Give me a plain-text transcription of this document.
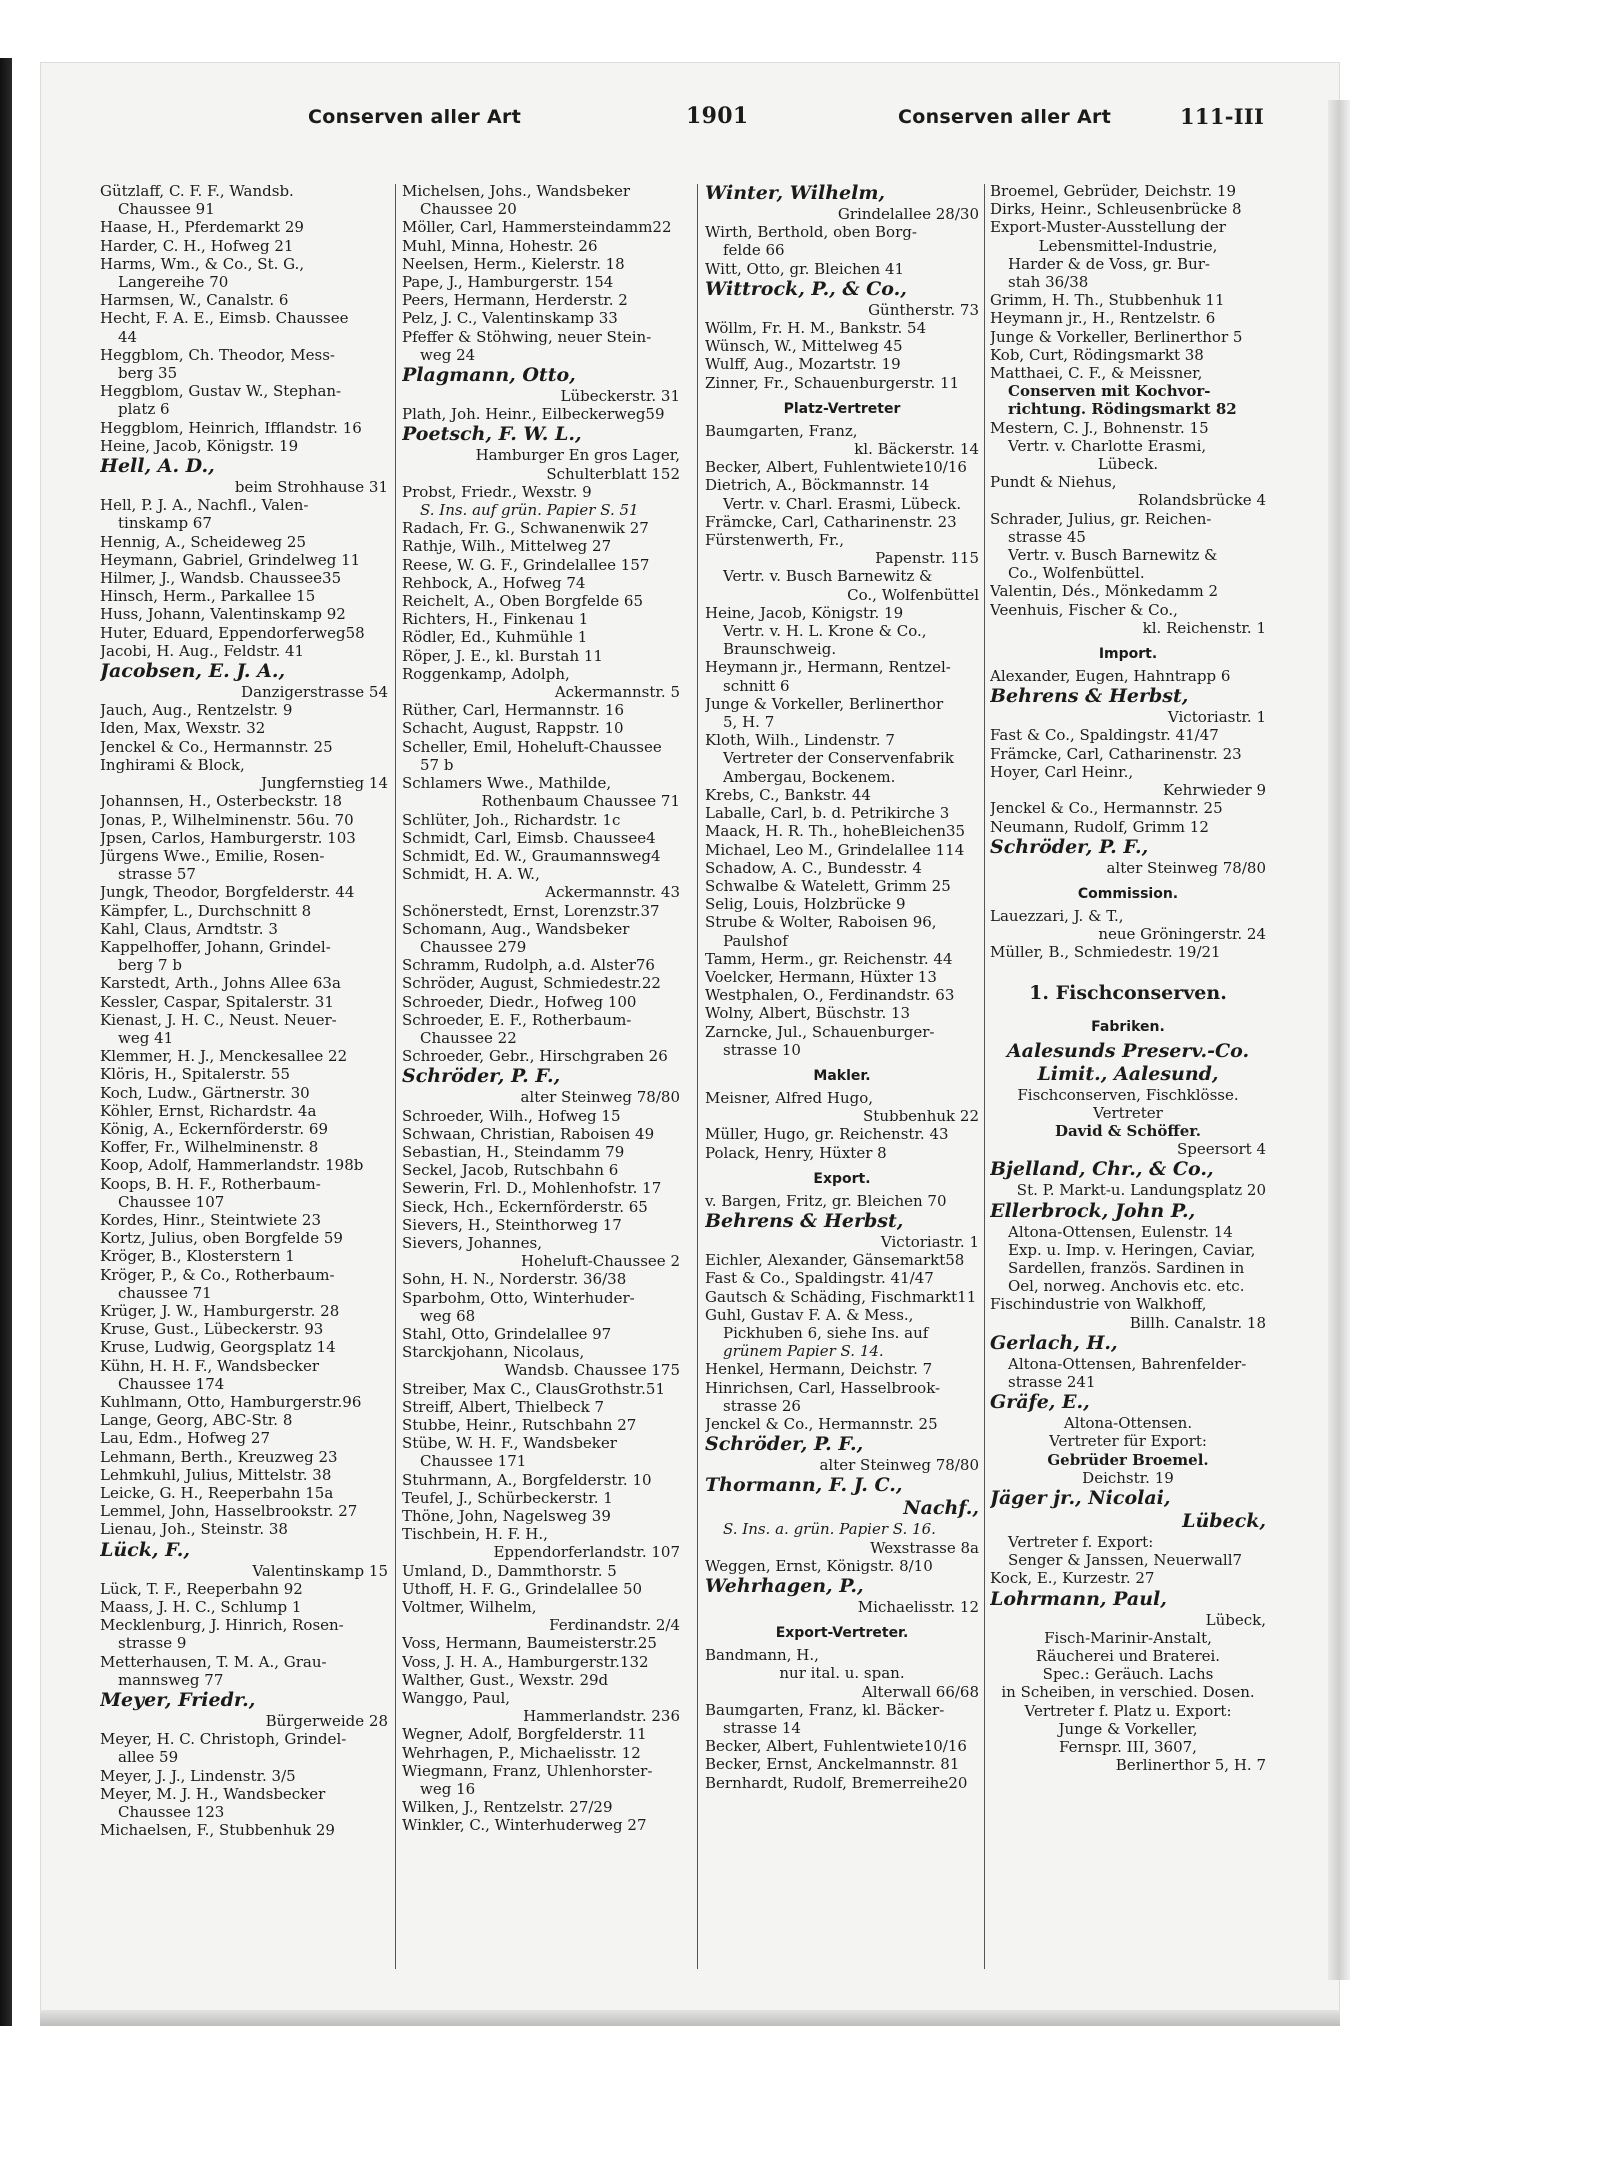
Conserven aller Art	1901	Conserven aller Art	111-III
Gützlaff, C. F. F., Wandsb.
Chaussee 91
Haase, H., Pferdemarkt 29
Harder, C. H., Hofweg 21
Harms, Wm., & Co., St. G.,
Langereihe 70
Harmsen, W., Canalstr. 6
Hecht, F. A. E., Eimsb. Chaussee
44
Heggblom, Ch. Theodor, Mess-
berg 35
Heggblom, Gustav W., Stephan-
platz 6
Heggblom, Heinrich, Ifflandstr. 16
Heine, Jacob, Königstr. 19
Hell, A. D.,
beim Strohhause 31
Hell, P. J. A., Nachfl., Valen-
tinskamp 67
Hennig, A., Scheideweg 25
Heymann, Gabriel, Grindelweg 11
Hilmer, J., Wandsb. Chaussee35
Hinsch, Herm., Parkallee 15
Huss, Johann, Valentinskamp 92
Huter, Eduard, Eppendorferweg58
Jacobi, H. Aug., Feldstr. 41
Jacobsen, E. J. A.,
Danzigerstrasse 54
Jauch, Aug., Rentzelstr. 9
Iden, Max, Wexstr. 32
Jenckel & Co., Hermannstr. 25
Inghirami & Block,
Jungfernstieg 14
Johannsen, H., Osterbeckstr. 18
Jonas, P., Wilhelminenstr. 56u. 70
Jpsen, Carlos, Hamburgerstr. 103
Jürgens Wwe., Emilie, Rosen-
strasse 57
Jungk, Theodor, Borgfelderstr. 44
Kämpfer, L., Durchschnitt 8
Kahl, Claus, Arndtstr. 3
Kappelhoffer, Johann, Grindel-
berg 7 b
Karstedt, Arth., Johns Allee 63a
Kessler, Caspar, Spitalerstr. 31
Kienast, J. H. C., Neust. Neuer-
weg 41
Klemmer, H. J., Menckesallee 22
Klöris, H., Spitalerstr. 55
Koch, Ludw., Gärtnerstr. 30
Köhler, Ernst, Richardstr. 4a
König, A., Eckernförderstr. 69
Koffer, Fr., Wilhelminenstr. 8
Koop, Adolf, Hammerlandstr. 198b
Koops, B. H. F., Rotherbaum-
Chaussee 107
Kordes, Hinr., Steintwiete 23
Kortz, Julius, oben Borgfelde 59
Kröger, B., Klosterstern 1
Kröger, P., & Co., Rotherbaum-
chaussee 71
Krüger, J. W., Hamburgerstr. 28
Kruse, Gust., Lübeckerstr. 93
Kruse, Ludwig, Georgsplatz 14
Kühn, H. H. F., Wandsbecker
Chaussee 174
Kuhlmann, Otto, Hamburgerstr.96
Lange, Georg, ABC-Str. 8
Lau, Edm., Hofweg 27
Lehmann, Berth., Kreuzweg 23
Lehmkuhl, Julius, Mittelstr. 38
Leicke, G. H., Reeperbahn 15a
Lemmel, John, Hasselbrookstr. 27
Lienau, Joh., Steinstr. 38
Lück, F.,
Valentinskamp 15
Lück, T. F., Reeperbahn 92
Maass, J. H. C., Schlump 1
Mecklenburg, J. Hinrich, Rosen-
strasse 9
Metterhausen, T. M. A., Grau-
mannsweg 77
Meyer, Friedr.,
Bürgerweide 28
Meyer, H. C. Christoph, Grindel-
allee 59
Meyer, J. J., Lindenstr. 3/5
Meyer, M. J. H., Wandsbecker
Chaussee 123
Michaelsen, F., Stubbenhuk 29
Michelsen, Johs., Wandsbeker
Chaussee 20
Möller, Carl, Hammersteindamm22
Muhl, Minna, Hohestr. 26
Neelsen, Herm., Kielerstr. 18
Pape, J., Hamburgerstr. 154
Peers, Hermann, Herderstr. 2
Pelz, J. C., Valentinskamp 33
Pfeffer & Stöhwing, neuer Stein-
weg 24
Plagmann, Otto,
Lübeckerstr. 31
Plath, Joh. Heinr., Eilbeckerweg59
Poetsch, F. W. L.,
Hamburger En gros Lager,
Schulterblatt 152
Probst, Friedr., Wexstr. 9
S. Ins. auf grün. Papier S. 51
Radach, Fr. G., Schwanenwik 27
Rathje, Wilh., Mittelweg 27
Reese, W. G. F., Grindelallee 157
Rehbock, A., Hofweg 74
Reichelt, A., Oben Borgfelde 65
Richters, H., Finkenau 1
Rödler, Ed., Kuhmühle 1
Röper, J. E., kl. Burstah 11
Roggenkamp, Adolph,
Ackermannstr. 5
Rüther, Carl, Hermannstr. 16
Schacht, August, Rappstr. 10
Scheller, Emil, Hoheluft-Chaussee
57 b
Schlamers Wwe., Mathilde,
Rothenbaum Chaussee 71
Schlüter, Joh., Richardstr. 1c
Schmidt, Carl, Eimsb. Chaussee4
Schmidt, Ed. W., Graumannsweg4
Schmidt, H. A. W.,
Ackermannstr. 43
Schönerstedt, Ernst, Lorenzstr.37
Schomann, Aug., Wandsbeker
Chaussee 279
Schramm, Rudolph, a.d. Alster76
Schröder, August, Schmiedestr.22
Schroeder, Diedr., Hofweg 100
Schroeder, E. F., Rotherbaum-
Chaussee 22
Schroeder, Gebr., Hirschgraben 26
Schröder, P. F.,
alter Steinweg 78/80
Schroeder, Wilh., Hofweg 15
Schwaan, Christian, Raboisen 49
Sebastian, H., Steindamm 79
Seckel, Jacob, Rutschbahn 6
Sewerin, Frl. D., Mohlenhofstr. 17
Sieck, Hch., Eckernförderstr. 65
Sievers, H., Steinthorweg 17
Sievers, Johannes,
Hoheluft-Chaussee 2
Sohn, H. N., Norderstr. 36/38
Sparbohm, Otto, Winterhuder-
weg 68
Stahl, Otto, Grindelallee 97
Starckjohann, Nicolaus,
Wandsb. Chaussee 175
Streiber, Max C., ClausGrothstr.51
Streiff, Albert, Thielbeck 7
Stubbe, Heinr., Rutschbahn 27
Stübe, W. H. F., Wandsbeker
Chaussee 171
Stuhrmann, A., Borgfelderstr. 10
Teufel, J., Schürbeckerstr. 1
Thöne, John, Nagelsweg 39
Tischbein, H. F. H.,
Eppendorferlandstr. 107
Umland, D., Dammthorstr. 5
Uthoff, H. F. G., Grindelallee 50
Voltmer, Wilhelm,
Ferdinandstr. 2/4
Voss, Hermann, Baumeisterstr.25
Voss, J. H. A., Hamburgerstr.132
Walther, Gust., Wexstr. 29d
Wanggo, Paul,
Hammerlandstr. 236
Wegner, Adolf, Borgfelderstr. 11
Wehrhagen, P., Michaelisstr. 12
Wiegmann, Franz, Uhlenhorster-
weg 16
Wilken, J., Rentzelstr. 27/29
Winkler, C., Winterhuderweg 27
Winter, Wilhelm,
Grindelallee 28/30
Wirth, Berthold, oben Borg-
felde 66
Witt, Otto, gr. Bleichen 41
Wittrock, P., & Co.,
Güntherstr. 73
Wöllm, Fr. H. M., Bankstr. 54
Wünsch, W., Mittelweg 45
Wulff, Aug., Mozartstr. 19
Zinner, Fr., Schauenburgerstr. 11
Platz-Vertreter
Baumgarten, Franz,
kl. Bäckerstr. 14
Becker, Albert, Fuhlentwiete10/16
Dietrich, A., Böckmannstr. 14
Vertr. v. Charl. Erasmi, Lübeck.
Främcke, Carl, Catharinenstr. 23
Fürstenwerth, Fr.,
Papenstr. 115
Vertr. v. Busch Barnewitz &
Co., Wolfenbüttel
Heine, Jacob, Königstr. 19
Vertr. v. H. L. Krone & Co.,
Braunschweig.
Heymann jr., Hermann, Rentzel-
schnitt 6
Junge & Vorkeller, Berlinerthor
5, H. 7
Kloth, Wilh., Lindenstr. 7
Vertreter der Conservenfabrik
Ambergau, Bockenem.
Krebs, C., Bankstr. 44
Laballe, Carl, b. d. Petrikirche 3
Maack, H. R. Th., hoheBleichen35
Michael, Leo M., Grindelallee 114
Schadow, A. C., Bundesstr. 4
Schwalbe & Watelett, Grimm 25
Selig, Louis, Holzbrücke 9
Strube & Wolter, Raboisen 96,
Paulshof
Tamm, Herm., gr. Reichenstr. 44
Voelcker, Hermann, Hüxter 13
Westphalen, O., Ferdinandstr. 63
Wolny, Albert, Büschstr. 13
Zarncke, Jul., Schauenburger-
strasse 10
Makler.
Meisner, Alfred Hugo,
Stubbenhuk 22
Müller, Hugo, gr. Reichenstr. 43
Polack, Henry, Hüxter 8
Export.
v. Bargen, Fritz, gr. Bleichen 70
Behrens & Herbst,
Victoriastr. 1
Eichler, Alexander, Gänsemarkt58
Fast & Co., Spaldingstr. 41/47
Gautsch & Schäding, Fischmarkt11
Guhl, Gustav F. A. & Mess.,
Pickhuben 6, siehe Ins. auf
grünem Papier S. 14.
Henkel, Hermann, Deichstr. 7
Hinrichsen, Carl, Hasselbrook-
strasse 26
Jenckel & Co., Hermannstr. 25
Schröder, P. F.,
alter Steinweg 78/80
Thormann, F. J. C.,
Nachf.,
S. Ins. a. grün. Papier S. 16.
Wexstrasse 8a
Weggen, Ernst, Königstr. 8/10
Wehrhagen, P.,
Michaelisstr. 12
Export-Vertreter.
Bandmann, H.,
nur ital. u. span.
Alterwall 66/68
Baumgarten, Franz, kl. Bäcker-
strasse 14
Becker, Albert, Fuhlentwiete10/16
Becker, Ernst, Anckelmannstr. 81
Bernhardt, Rudolf, Bremerreihe20
Broemel, Gebrüder, Deichstr. 19
Dirks, Heinr., Schleusenbrücke 8
Export-Muster-Ausstellung der
Lebensmittel-Industrie,
Harder & de Voss, gr. Bur-
stah 36/38
Grimm, H. Th., Stubbenhuk 11
Heymann jr., H., Rentzelstr. 6
Junge & Vorkeller, Berlinerthor 5
Kob, Curt, Rödingsmarkt 38
Matthaei, C. F., & Meissner,
Conserven mit Kochvor-
richtung. Rödingsmarkt 82
Mestern, C. J., Bohnenstr. 15
Vertr. v. Charlotte Erasmi,
Lübeck.
Pundt & Niehus,
Rolandsbrücke 4
Schrader, Julius, gr. Reichen-
strasse 45
Vertr. v. Busch Barnewitz &
Co., Wolfenbüttel.
Valentin, Dés., Mönkedamm 2
Veenhuis, Fischer & Co.,
kl. Reichenstr. 1
Import.
Alexander, Eugen, Hahntrapp 6
Behrens & Herbst,
Victoriastr. 1
Fast & Co., Spaldingstr. 41/47
Främcke, Carl, Catharinenstr. 23
Hoyer, Carl Heinr.,
Kehrwieder 9
Jenckel & Co., Hermannstr. 25
Neumann, Rudolf, Grimm 12
Schröder, P. F.,
alter Steinweg 78/80
Commission.
Lauezzari, J. & T.,
neue Gröningerstr. 24
Müller, B., Schmiedestr. 19/21
1. Fischconserven.
Fabriken.
Aalesunds Preserv.-Co.
Limit., Aalesund,
Fischconserven, Fischklösse.
Vertreter
David & Schöffer.
Speersort 4
Bjelland, Chr., & Co.,
St. P. Markt-u. Landungsplatz 20
Ellerbrock, John P.,
Altona-Ottensen, Eulenstr. 14
Exp. u. Imp. v. Heringen, Caviar,
Sardellen, französ. Sardinen in
Oel, norweg. Anchovis etc. etc.
Fischindustrie von Walkhoff,
Billh. Canalstr. 18
Gerlach, H.,
Altona-Ottensen, Bahrenfelder-
strasse 241
Gräfe, E.,
Altona-Ottensen.
Vertreter für Export:
Gebrüder Broemel.
Deichstr. 19
Jäger jr., Nicolai,
Lübeck,
Vertreter f. Export:
Senger & Janssen, Neuerwall7
Kock, E., Kurzestr. 27
Lohrmann, Paul,
Lübeck,
Fisch-Marinir-Anstalt,
Räucherei und Braterei.
Spec.: Geräuch. Lachs
in Scheiben, in verschied. Dosen.
Vertreter f. Platz u. Export:
Junge & Vorkeller,
Fernspr. III, 3607,
Berlinerthor 5, H. 7
